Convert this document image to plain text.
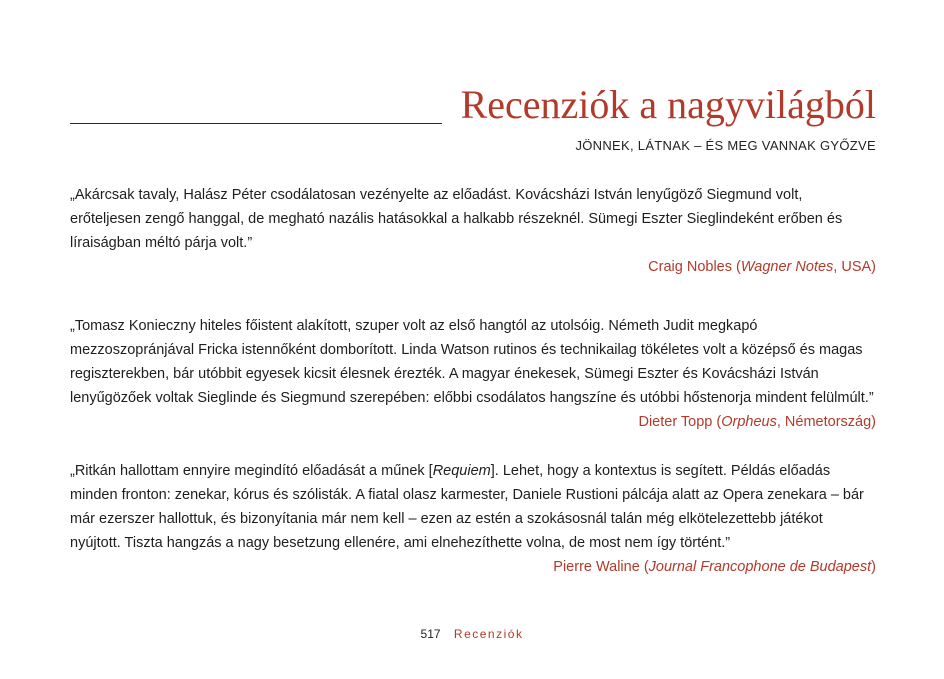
Recenziók a nagyvilágból
JÖNNEK, LÁTNAK – ÉS MEG VANNAK GYŐZVE

„Akárcsak tavaly, Halász Péter csodálatosan vezényelte az előadást. Kovácsházi István lenyűgöző Siegmund volt, erőteljesen zengő hanggal, de megható nazális hatásokkal a halkabb részeknél. Sümegi Eszter Sieglindeként erőben és líraiságban méltó párja volt.”

Craig Nobles (Wagner Notes, USA)

„Tomasz Konieczny hiteles főistent alakított, szuper volt az első hangtól az utolsóig. Németh Judit megkapó mezzoszopránjával Fricka istennőként domborított. Linda Watson rutinos és technikailag tökéletes volt a középső és magas regiszterekben, bár utóbbit egyesek kicsit élesnek érezték. A magyar énekesek, Sümegi Eszter és Kovácsházi István lenyűgözőek voltak Sieglinde és Siegmund szerepében: előbbi csodálatos hangszíne és utóbbi hőstenorja mindent felülmúlt.”

Dieter Topp (Orpheus, Németország)

„Ritkán hallottam ennyire megindító előadását a műnek [Requiem]. Lehet, hogy a kontextus is segített. Példás előadás minden fronton: zenekar, kórus és szólisták. A fiatal olasz karmester, Daniele Rustioni pálcája alatt az Opera zenekara – bár már ezerszer hallottuk, és bizonyítania már nem kell – ezen az estén a szokásosnál talán még elkötelezettebb játékot nyújtott. Tiszta hangzás a nagy besetzung ellenére, ami elnehezíthette volna, de most nem így történt.”

Pierre Waline (Journal Francophone de Budapest)

517 Recenziók
